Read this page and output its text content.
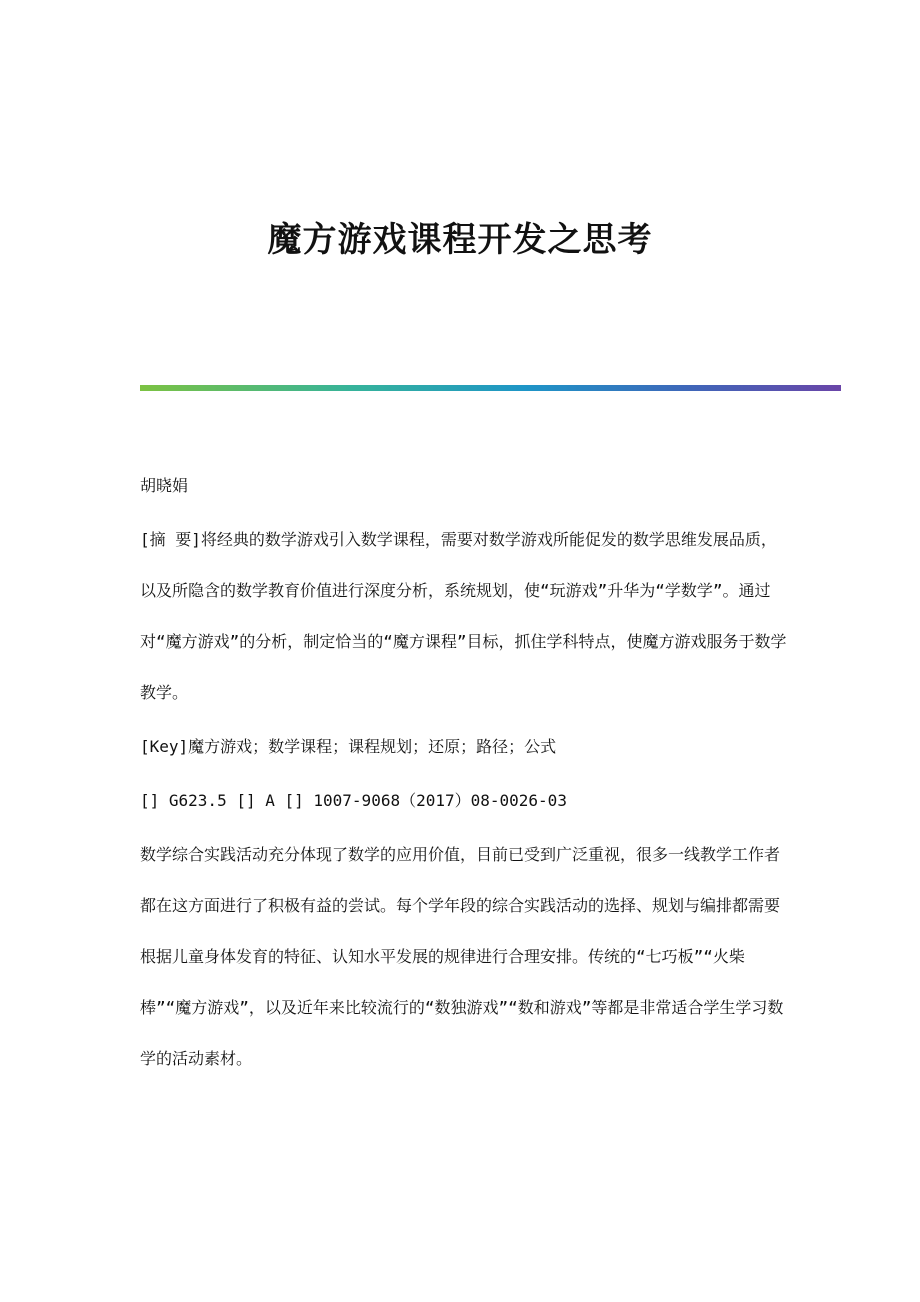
魔方游戏课程开发之思考

胡晓娟

[摘 要]将经典的数学游戏引入数学课程，需要对数学游戏所能促发的数学思维发展品质，以及所隐含的数学教育价值进行深度分析，系统规划，使“玩游戏”升华为“学数学”。通过对“魔方游戏”的分析，制定恰当的“魔方课程”目标，抓住学科特点，使魔方游戏服务于数学教学。

[Key]魔方游戏；数学课程；课程规划；还原；路径；公式

[] G623.5 [] A [] 1007-9068（2017）08-0026-03

数学综合实践活动充分体现了数学的应用价值，目前已受到广泛重视，很多一线教学工作者都在这方面进行了积极有益的尝试。每个学年段的综合实践活动的选择、规划与编排都需要根据儿童身体发育的特征、认知水平发展的规律进行合理安排。传统的“七巧板”“火柴棒”“魔方游戏”，以及近年来比较流行的“数独游戏”“数和游戏”等都是非常适合学生学习数学的活动素材。
